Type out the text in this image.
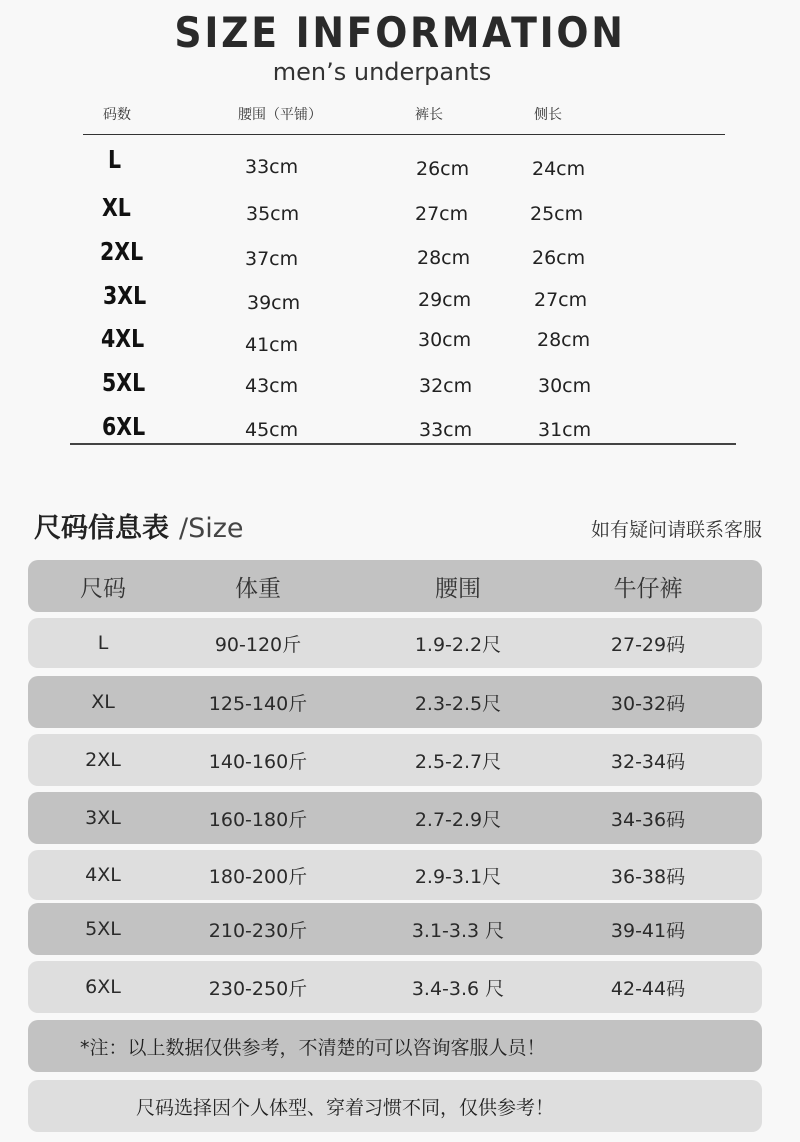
SIZE INFORMATION
men’s underpants
码数	腰围（平铺）	裤长	侧长
L	33cm	26cm	24cm
XL	35cm	27cm	25cm
2XL	37cm	28cm	26cm
3XL	39cm	29cm	27cm
4XL	41cm	30cm	28cm
5XL	43cm	32cm	30cm
6XL	45cm	33cm	31cm
尺码信息表 /Size	如有疑问请联系客服
尺码	体重	腰围	牛仔裤
L	90-120斤	1.9-2.2尺	27-29码
XL	125-140斤	2.3-2.5尺	30-32码
2XL	140-160斤	2.5-2.7尺	32-34码
3XL	160-180斤	2.7-2.9尺	34-36码
4XL	180-200斤	2.9-3.1尺	36-38码
5XL	210-230斤	3.1-3.3 尺	39-41码
6XL	230-250斤	3.4-3.6 尺	42-44码
*注：以上数据仅供参考，不清楚的可以咨询客服人员！
尺码选择因个人体型、穿着习惯不同，仅供参考！
